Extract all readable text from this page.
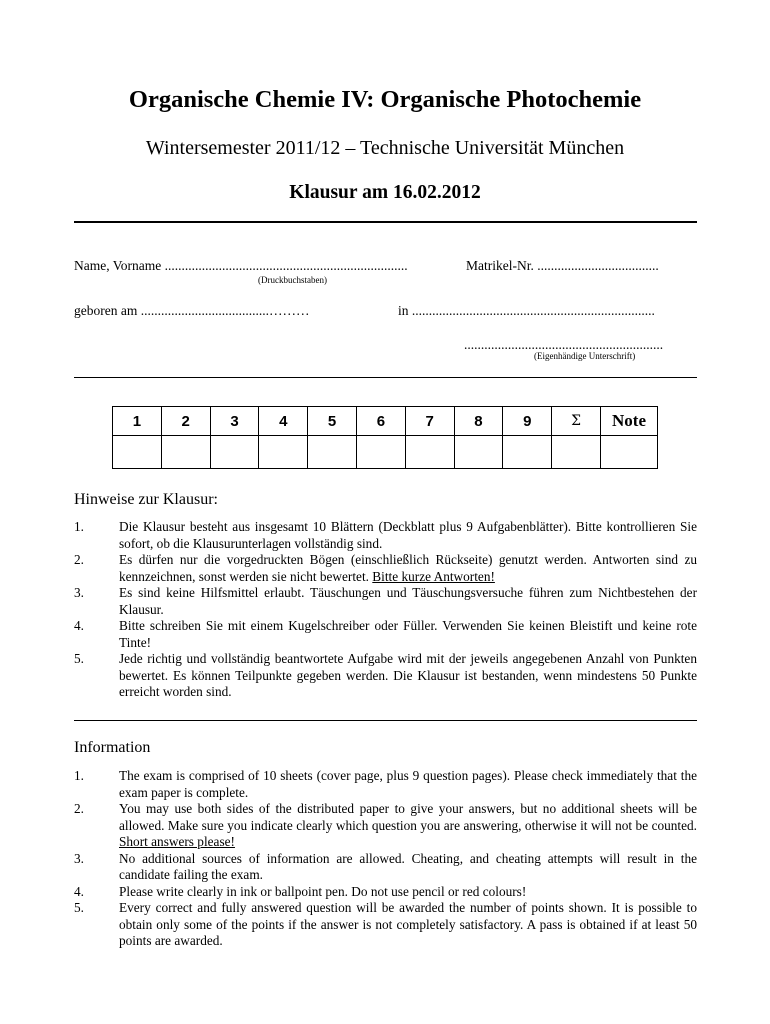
Organische Chemie IV: Organische Photochemie
Wintersemester 2011/12 – Technische Universität München
Klausur am 16.02.2012
Name, Vorname ........................................................................	Matrikel-Nr. ....................................
(Druckbuchstaben)
geboren am ......................................………	in ........................................................................
...........................................................
(Eigenhändige Unterschrift)
1	2	3	4	5	6	7	8	9	Σ	Note

Hinweise zur Klausur:
1.	Die Klausur besteht aus insgesamt 10 Blättern (Deckblatt plus 9 Aufgabenblätter). Bitte kontrollieren Sie sofort, ob die Klausurunterlagen vollständig sind.
2.	Es dürfen nur die vorgedruckten Bögen (einschließlich Rückseite) genutzt werden. Antworten sind zu kennzeichnen, sonst werden sie nicht bewertet. Bitte kurze Antworten!
3.	Es sind keine Hilfsmittel erlaubt. Täuschungen und Täuschungsversuche führen zum Nichtbestehen der Klausur.
4.	Bitte schreiben Sie mit einem Kugelschreiber oder Füller. Verwenden Sie keinen Bleistift und keine rote Tinte!
5.	Jede richtig und vollständig beantwortete Aufgabe wird mit der jeweils angegebenen Anzahl von Punkten bewertet. Es können Teilpunkte gegeben werden. Die Klausur ist bestanden, wenn mindestens 50 Punkte erreicht worden sind.
Information
1.	The exam is comprised of 10 sheets (cover page, plus 9 question pages). Please check immediately that the exam paper is complete.
2.	You may use both sides of the distributed paper to give your answers, but no additional sheets will be allowed. Make sure you indicate clearly which question you are answering, otherwise it will not be counted. Short answers please!
3.	No additional sources of information are allowed. Cheating, and cheating attempts will result in the candidate failing the exam.
4.	Please write clearly in ink or ballpoint pen. Do not use pencil or red colours!
5.	Every correct and fully answered question will be awarded the number of points shown. It is possible to obtain only some of the points if the answer is not completely satisfactory. A pass is obtained if at least 50 points are awarded.
